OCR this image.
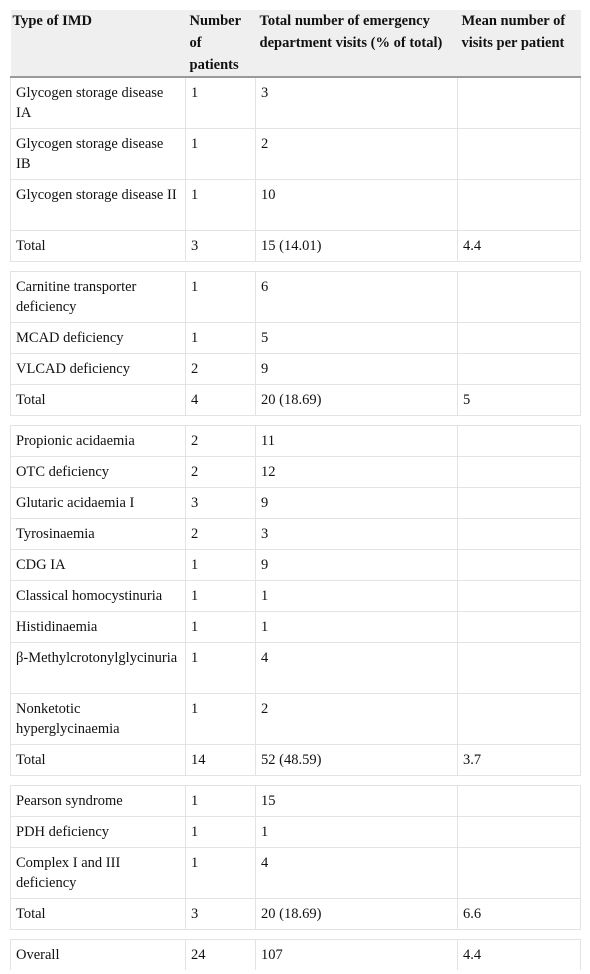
Type of IMD	Number of patients	Total number of emergency department visits (% of total)	Mean number of visits per patient
Glycogen storage disease IA	1	3	
Glycogen storage disease IB	1	2	
Glycogen storage disease II	1	10	
Total	3	15 (14.01)	4.4

Carnitine transporter deficiency	1	6	
MCAD deficiency	1	5	
VLCAD deficiency	2	9	
Total	4	20 (18.69)	5

Propionic acidaemia	2	11	
OTC deficiency	2	12	
Glutaric acidaemia I	3	9	
Tyrosinaemia	2	3	
CDG IA	1	9	
Classical homocystinuria	1	1	
Histidinaemia	1	1	
β-Methylcrotonylglycinuria	1	4	
Nonketotic hyperglycinaemia	1	2	
Total	14	52 (48.59)	3.7

Pearson syndrome	1	15	
PDH deficiency	1	1	
Complex I and III deficiency	1	4	
Total	3	20 (18.69)	6.6

Overall	24	107	4.4
